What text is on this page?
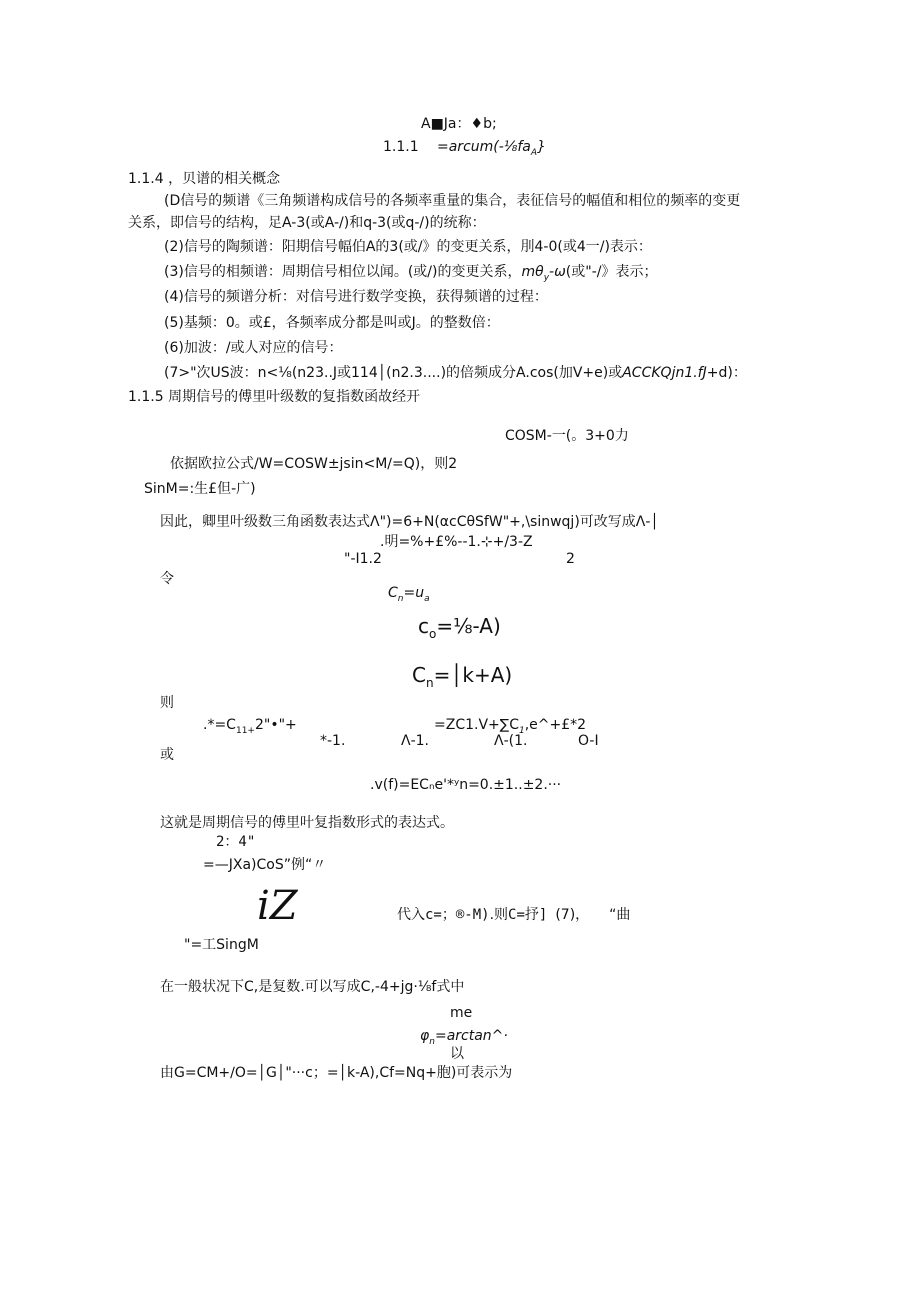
A■Ja：♦b;
$1.1.1 =arcum(-\frac{1}{8}fa_A\}$
1.1.4 ，贝谱的相关概念
(D信号的频谱《三角频谱构成信号的各频率重量的集合，表征信号的幅值和相位的频率的变更
关系，即信号的结构，足A-3(或A-/)和q-3(或q-/)的统称：
(2)信号的陶频谱：阳期信号幅伯A的3(或/》的变更关系，刖4-0(或4一/)表示：
(3)信号的相频谱：周期信号相位以闻。(或/)的变更关系，$m\theta_y-\omega$(或"-/》表示；
(4)信号的频谱分析：对信号进行数学变换，获得频谱的过程：
(5)基频：0。或£，各频率成分都是叫或J。的整数倍：
(6)加波：/或人对应的信号：
(7>"次US波：n<⅛(n23..J或114│(n2.3....)的倍频成分A.cos(加V+e)或ACCKQjn1.fJ+d)：
1.1.5 周期信号的傅里叶级数的复指数函故经开
COSM-一(。3+0力
依据欧拉公式/W=COSW±jsin<M∕=Q)，则2
SinM=:生£但-广)
因此，卿里叶级数三角函数表达式Λ")=6+N(αcCθSfW"+,\sinwqj)可改写成Λ-│
.明=%+£%--1.⊹+/3-Z
"-I1.2	2
令
$C_n=u_a$
$c_o=\frac{1}{8}-A$)
$C_n=│k+A$)
则
$.*=C_{11+}2"•"+$	$=ZC1.V+\sum C_1,e\^{}+£*2$
*-1.	Λ-1.	Λ-(1.	O-I
或
.v(f)=ECₙe'*ʸn=0.±1..±2.···
这就是周期信号的傅里叶复指数形式的表达式。
2：4"
=—JXa)CoS”例“〃
iZ	代入c=；®-M).则C=抒] (7)， “曲
"=工SingM
在一般状况下C,是复数.可以写成C,-4+jg·⅛f式中
me
$\varphi_n=\arctan\^{}\cdot$
以
由G=CM+∕O=│G│"···c；=│k-A),Cf=Nq+胞)可表示为
